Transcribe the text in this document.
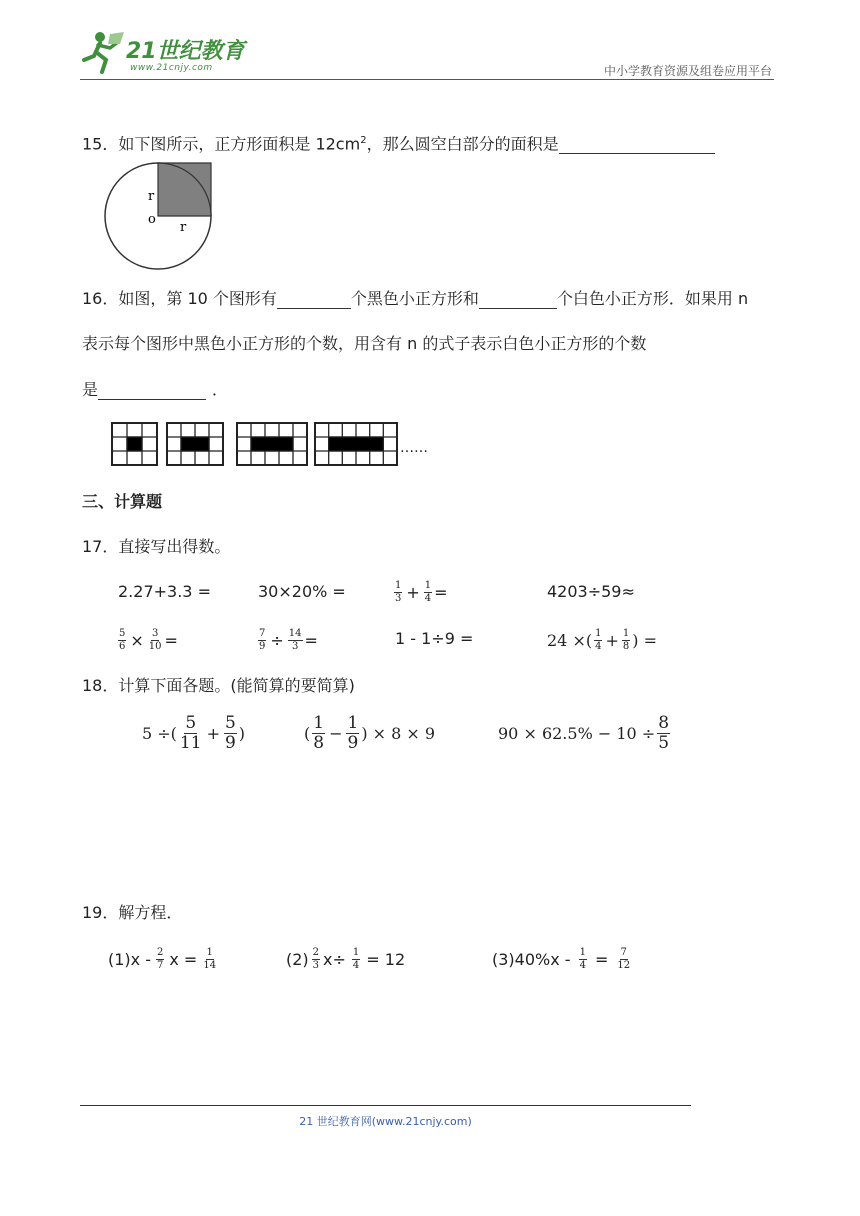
21世纪教育
www.21cnjy.com	中小学教育资源及组卷应用平台
15．如下图所示，正方形面积是 $12cm^2$，那么圆空白部分的面积是
r
o
r
16．如图，第 10 个图形有	个黑色小正方形和	个白色小正方形．如果用 n
表示每个图形中黑色小正方形的个数，用含有 n 的式子表示白色小正方形的个数
是	．
……
三、计算题
17．直接写出得数。
2.27+3.3 =	30×20% =	$\frac{1}{3} + \frac{1}{4}$ =	4203÷59≈
$\frac{5}{6} \times \frac{3}{10}$ =	$\frac{7}{9} \div \frac{14}{3}$ =	1 - 1÷9 =	24 ×( $\frac{1}{4} + \frac{1}{8}$ ) =
18．计算下面各题。(能简算的要简算)
5 ÷( $\frac{5}{11} + \frac{5}{9}$ )	( $\frac{1}{8} - \frac{1}{9}$ ) × 8 × 9	$90 \times 62.5\% - 10 \div \frac{8}{5}$
19．解方程．
$(1)x - \frac{2}{7}$ $x = \frac{1}{14}$	$(2) \frac{2}{3} x\div \frac{1}{4} = 12$	$(3)40\%x - \frac{1}{4} = \frac{7}{12}$
21 世纪教育网(www.21cnjy.com)
